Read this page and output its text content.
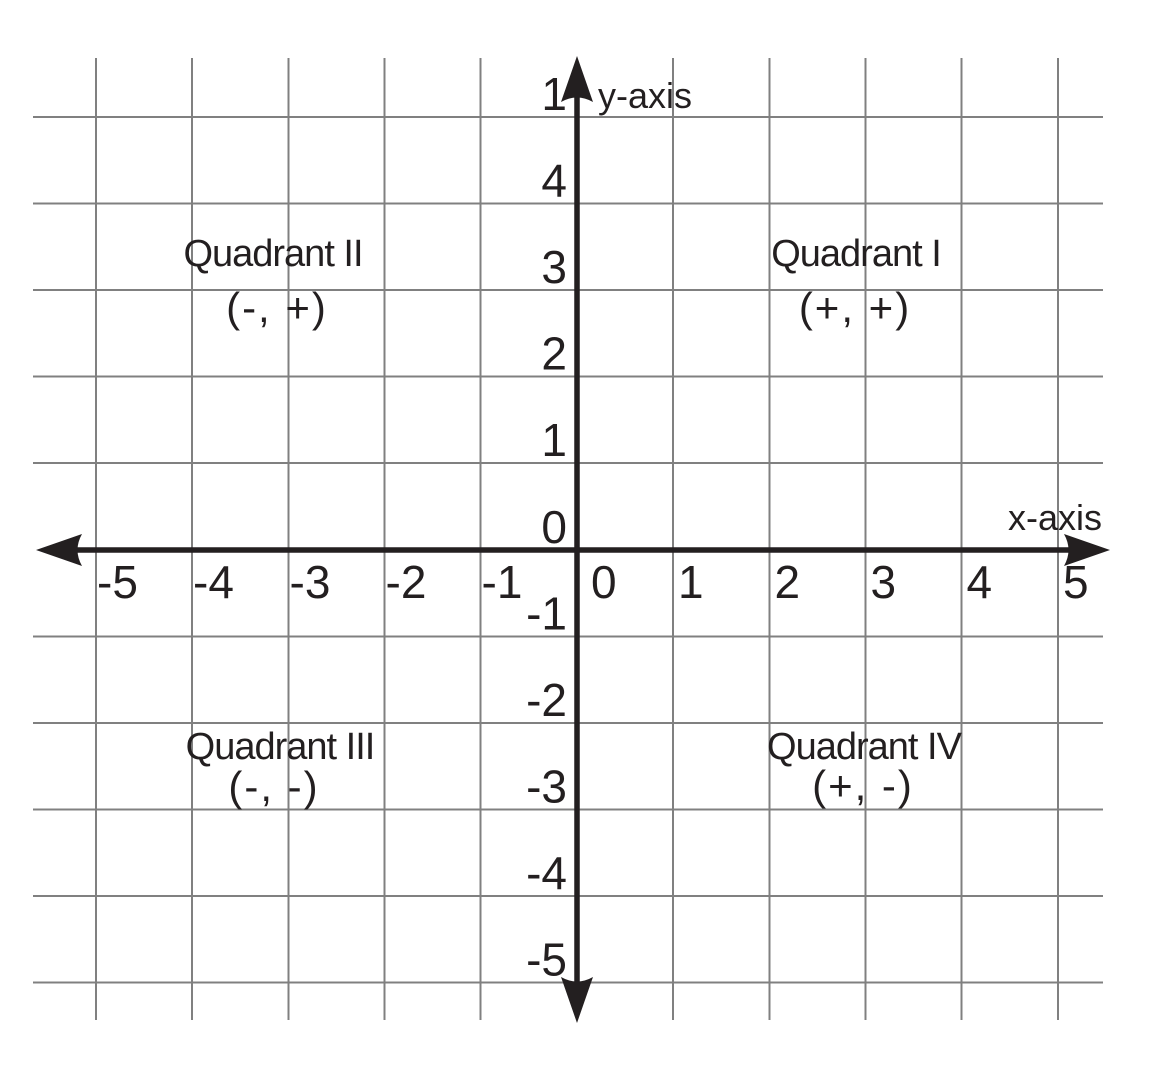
y-axis
x-axis
-5 -4 -3 -2 -1 0 1 2 3 4 5
1
4
3
2
1
0
-1
-2
-3
-4
-5
Quadrant I
(+, +)
Quadrant II
(-, +)
Quadrant III
(-, -)
Quadrant IV
(+, -)
